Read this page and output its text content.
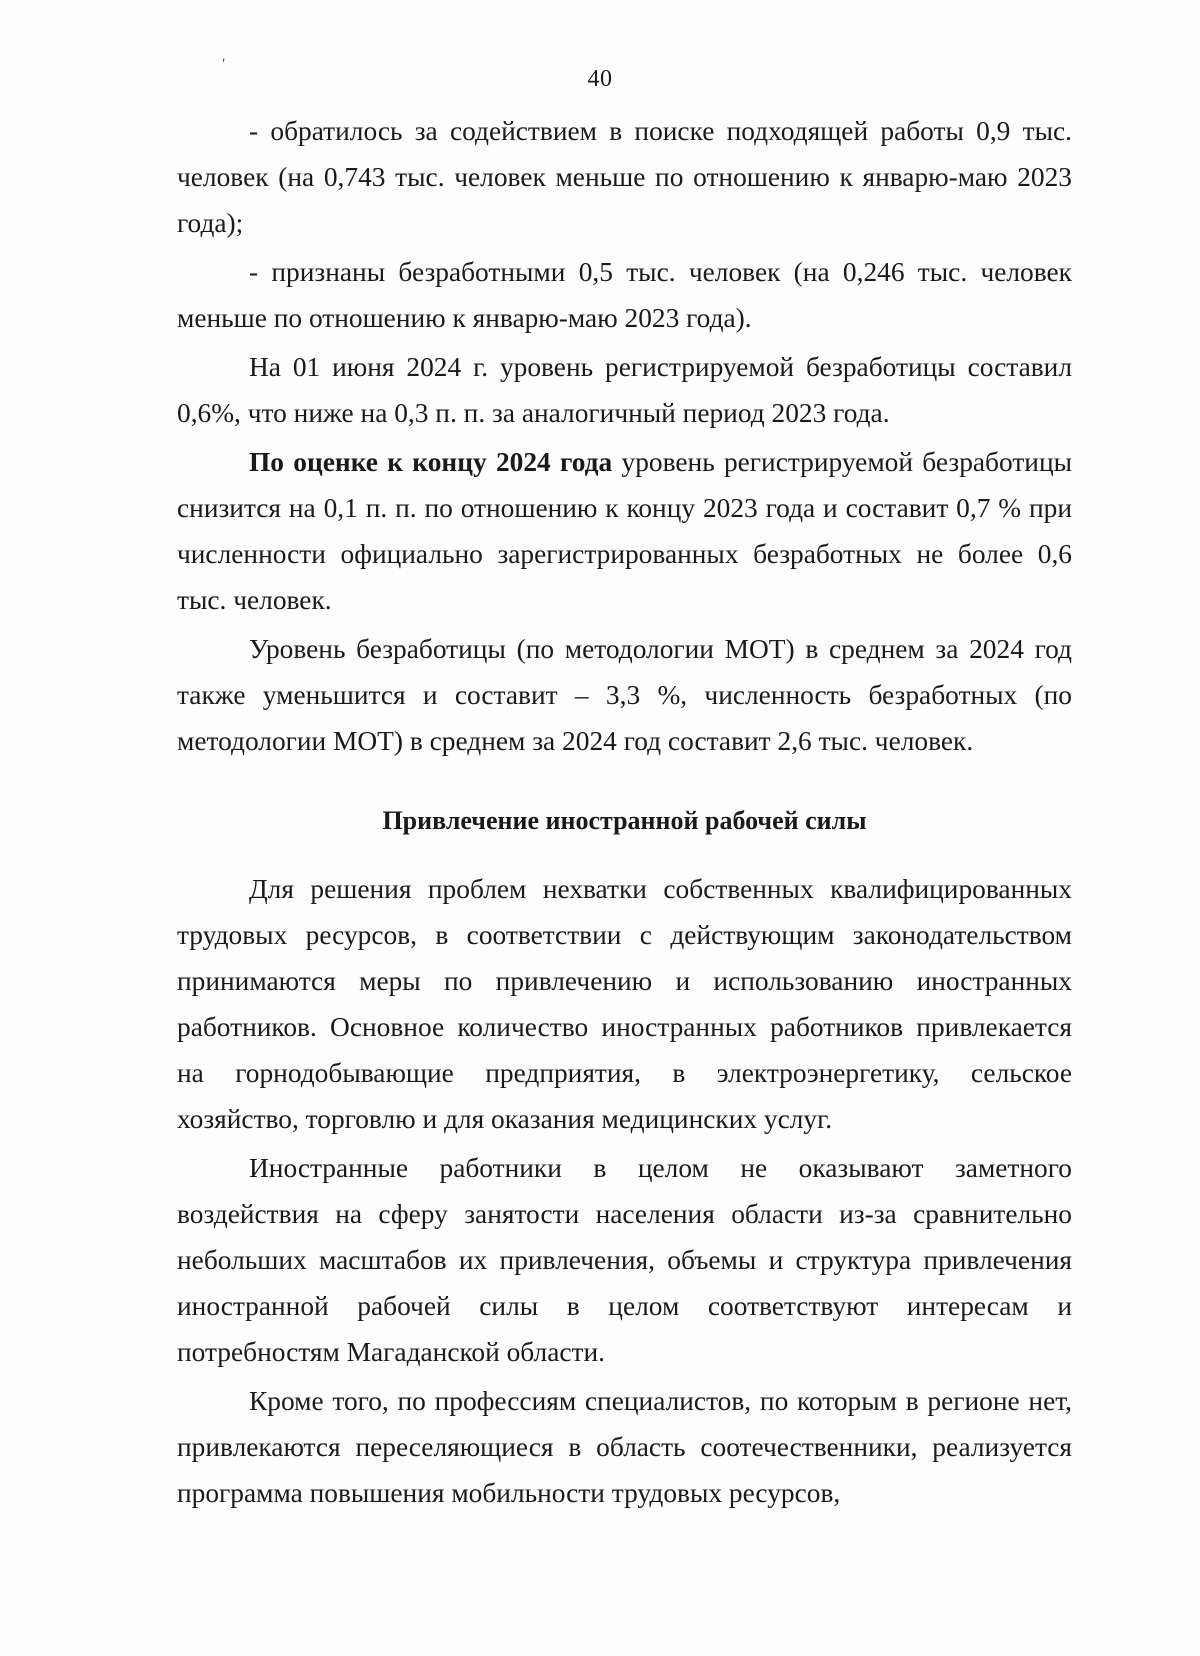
'
40

- обратилось за содействием в поиске подходящей работы 0,9 тыс. человек (на 0,743 тыс. человек меньше по отношению к январю-маю 2023 года);

- признаны безработными 0,5 тыс. человек (на 0,246 тыс. человек меньше по отношению к январю-маю 2023 года).

На 01 июня 2024 г. уровень регистрируемой безработицы составил 0,6%, что ниже на 0,3 п. п. за аналогичный период 2023 года.

По оценке к концу 2024 года уровень регистрируемой безработицы снизится на 0,1 п. п. по отношению к концу 2023 года и составит 0,7 % при численности официально зарегистрированных безработных не более 0,6 тыс. человек.

Уровень безработицы (по методологии МОТ) в среднем за 2024 год также уменьшится и составит – 3,3 %, численность безработных (по методологии МОТ) в среднем за 2024 год составит 2,6 тыс. человек.

Привлечение иностранной рабочей силы

Для решения проблем нехватки собственных квалифицированных трудовых ресурсов, в соответствии с действующим законодательством принимаются меры по привлечению и использованию иностранных работников. Основное количество иностранных работников привлекается на горнодобывающие предприятия, в электроэнергетику, сельское хозяйство, торговлю и для оказания медицинских услуг.

Иностранные работники в целом не оказывают заметного воздействия на сферу занятости населения области из-за сравнительно небольших масштабов их привлечения, объемы и структура привлечения иностранной рабочей силы в целом соответствуют интересам и потребностям Магаданской области.

Кроме того, по профессиям специалистов, по которым в регионе нет, привлекаются переселяющиеся в область соотечественники, реализуется программа повышения мобильности трудовых ресурсов,
